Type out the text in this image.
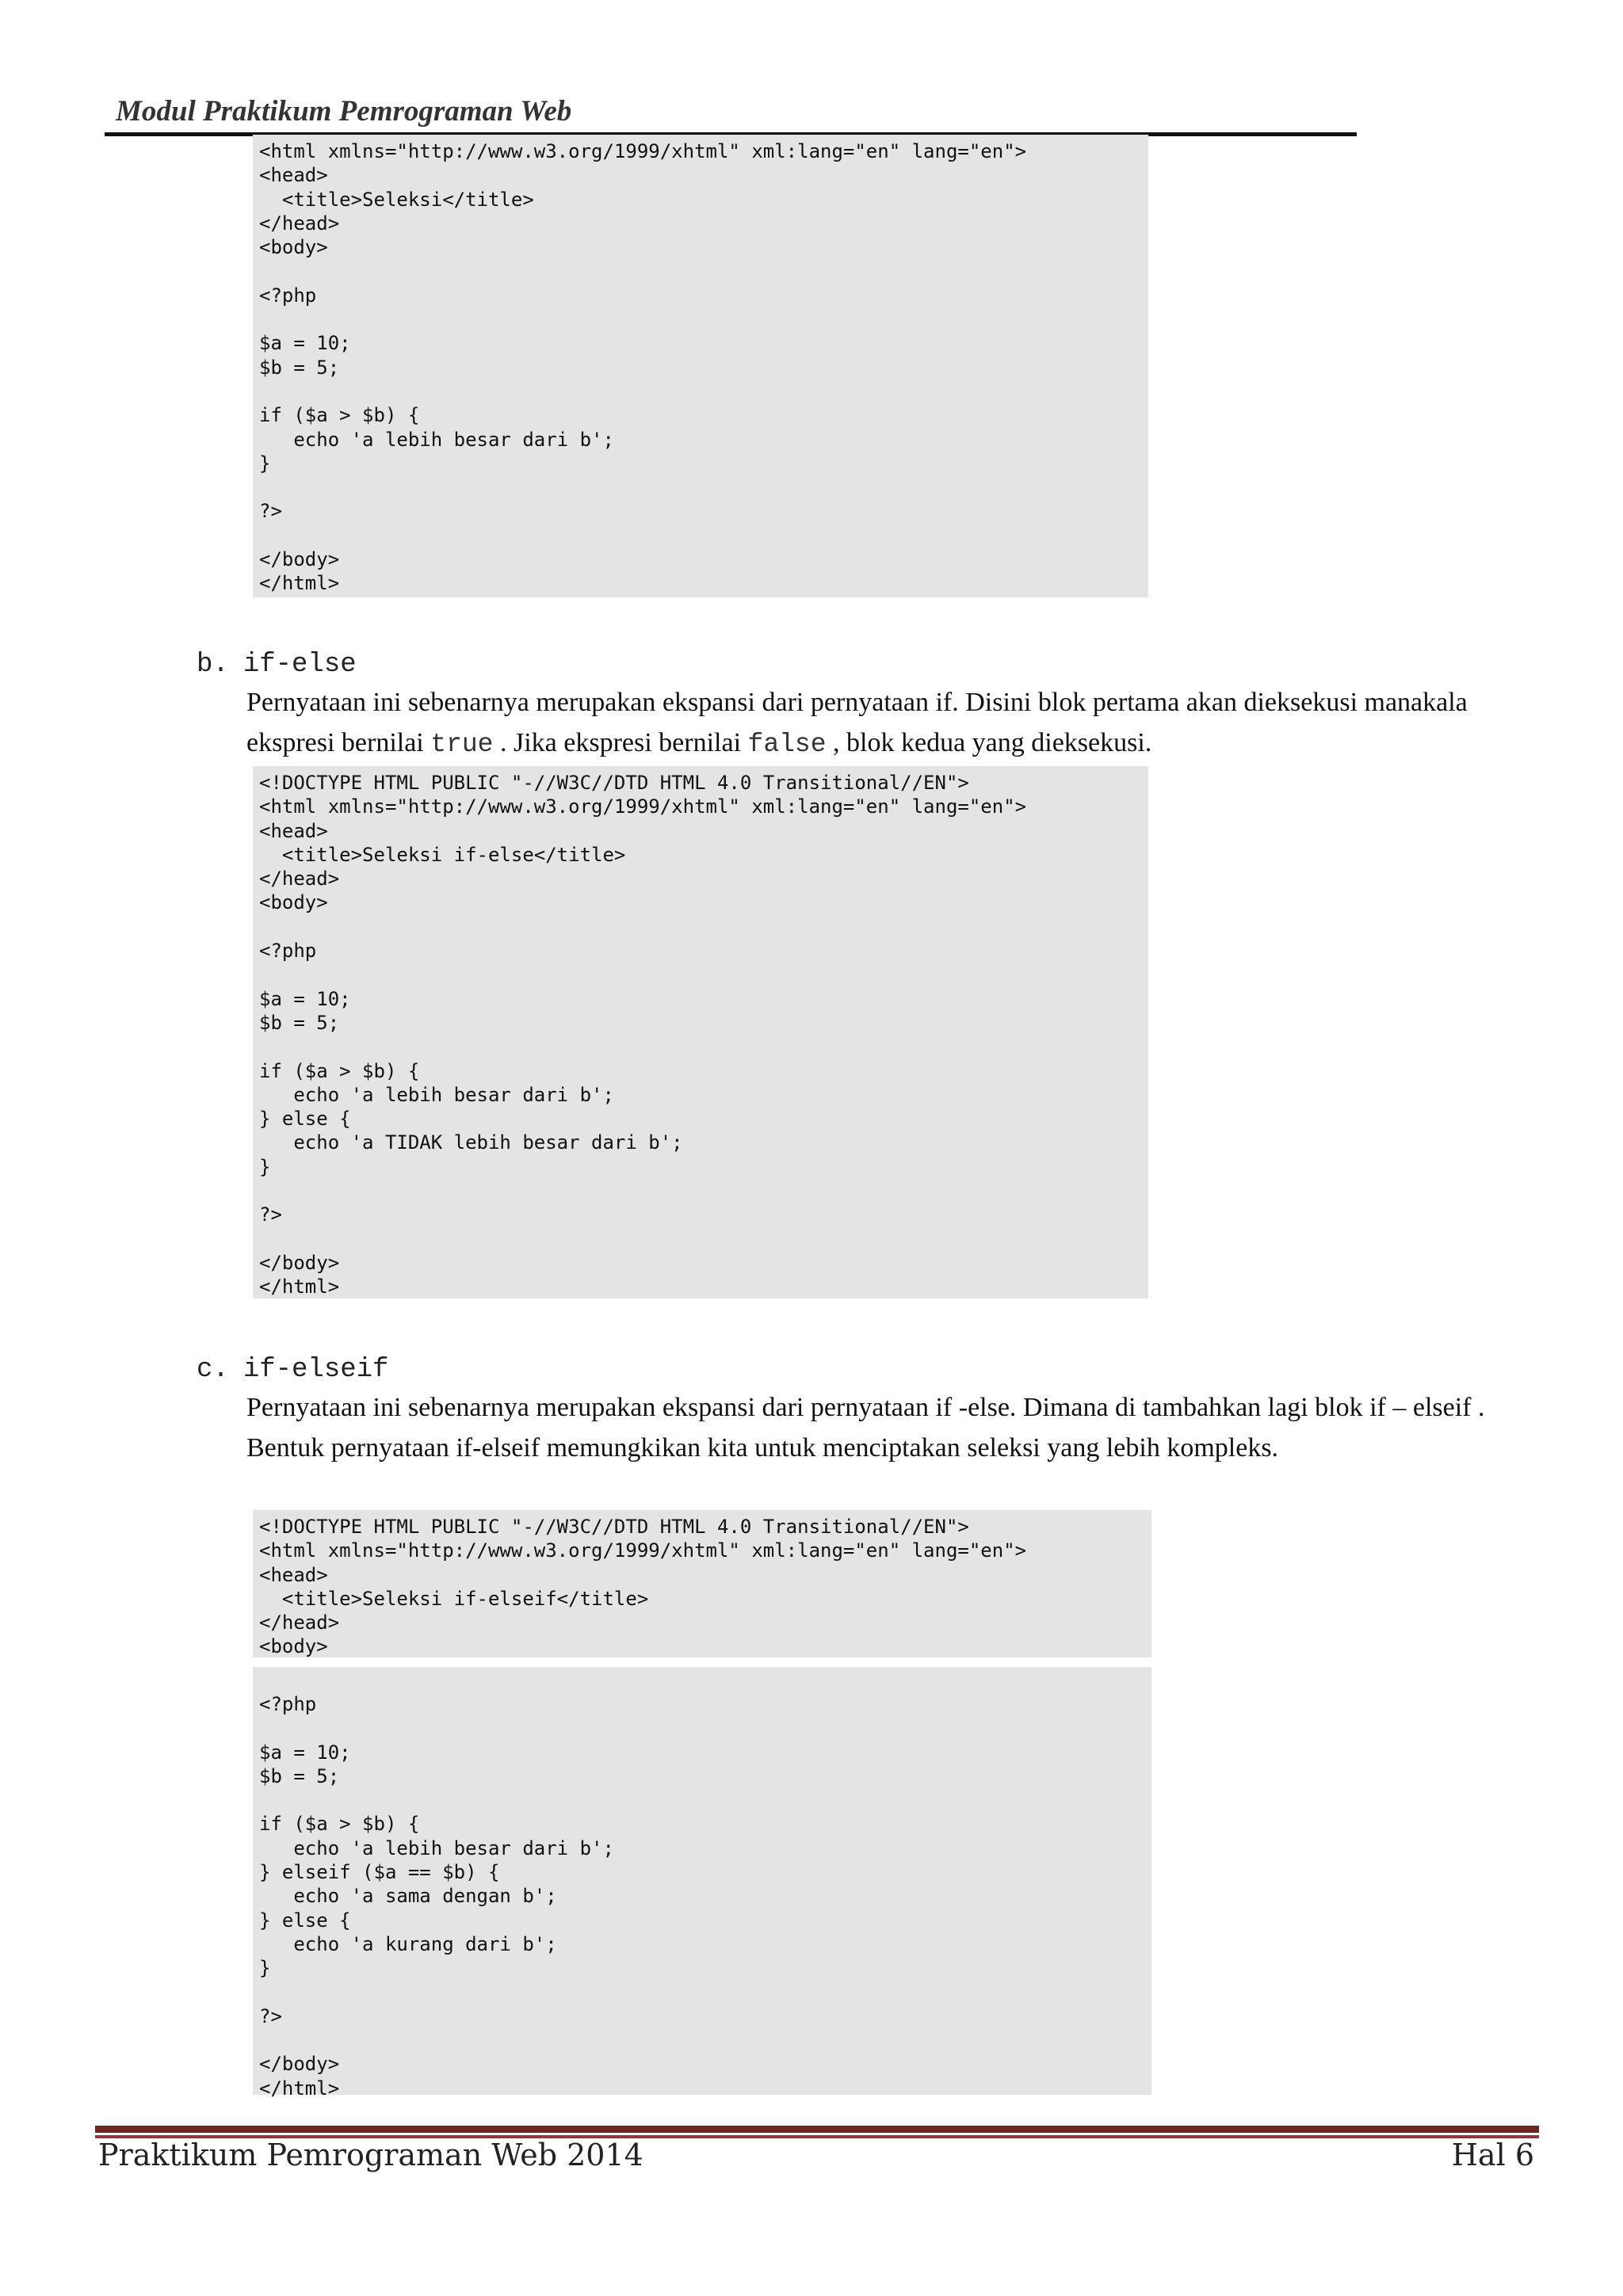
Modul Praktikum Pemrograman Web
<html xmlns="http://www.w3.org/1999/xhtml" xml:lang="en" lang="en">
<head>
<title>Seleksi</title>
</head>
<body>

<?php

$a = 10;
$b = 5;

if ($a > $b) {
echo 'a lebih besar dari b';
}

?>

</body>
</html>
b. if-else
Pernyataan ini sebenarnya merupakan ekspansi dari pernyataan if. Disini blok pertama akan dieksekusi manakala ekspresi bernilai true . Jika ekspresi bernilai false , blok kedua yang dieksekusi.
<!DOCTYPE HTML PUBLIC "-//W3C//DTD HTML 4.0 Transitional//EN">
<html xmlns="http://www.w3.org/1999/xhtml" xml:lang="en" lang="en">
<head>
<title>Seleksi if-else</title>
</head>
<body>

<?php

$a = 10;
$b = 5;

if ($a > $b) {
echo 'a lebih besar dari b';
} else {
echo 'a TIDAK lebih besar dari b';
}

?>

</body>
</html>
c. if-elseif
Pernyataan ini sebenarnya merupakan ekspansi dari pernyataan if -else. Dimana di tambahkan lagi blok if – elseif . Bentuk pernyataan if-elseif memungkikan kita untuk menciptakan seleksi yang lebih kompleks.
<!DOCTYPE HTML PUBLIC "-//W3C//DTD HTML 4.0 Transitional//EN">
<html xmlns="http://www.w3.org/1999/xhtml" xml:lang="en" lang="en">
<head>
<title>Seleksi if-elseif</title>
</head>
<body>
<?php

$a = 10;
$b = 5;

if ($a > $b) {
echo 'a lebih besar dari b';
} elseif ($a == $b) {
echo 'a sama dengan b';
} else {
echo 'a kurang dari b';
}

?>

</body>
</html>
Praktikum Pemrograman Web 2014	Hal 6
